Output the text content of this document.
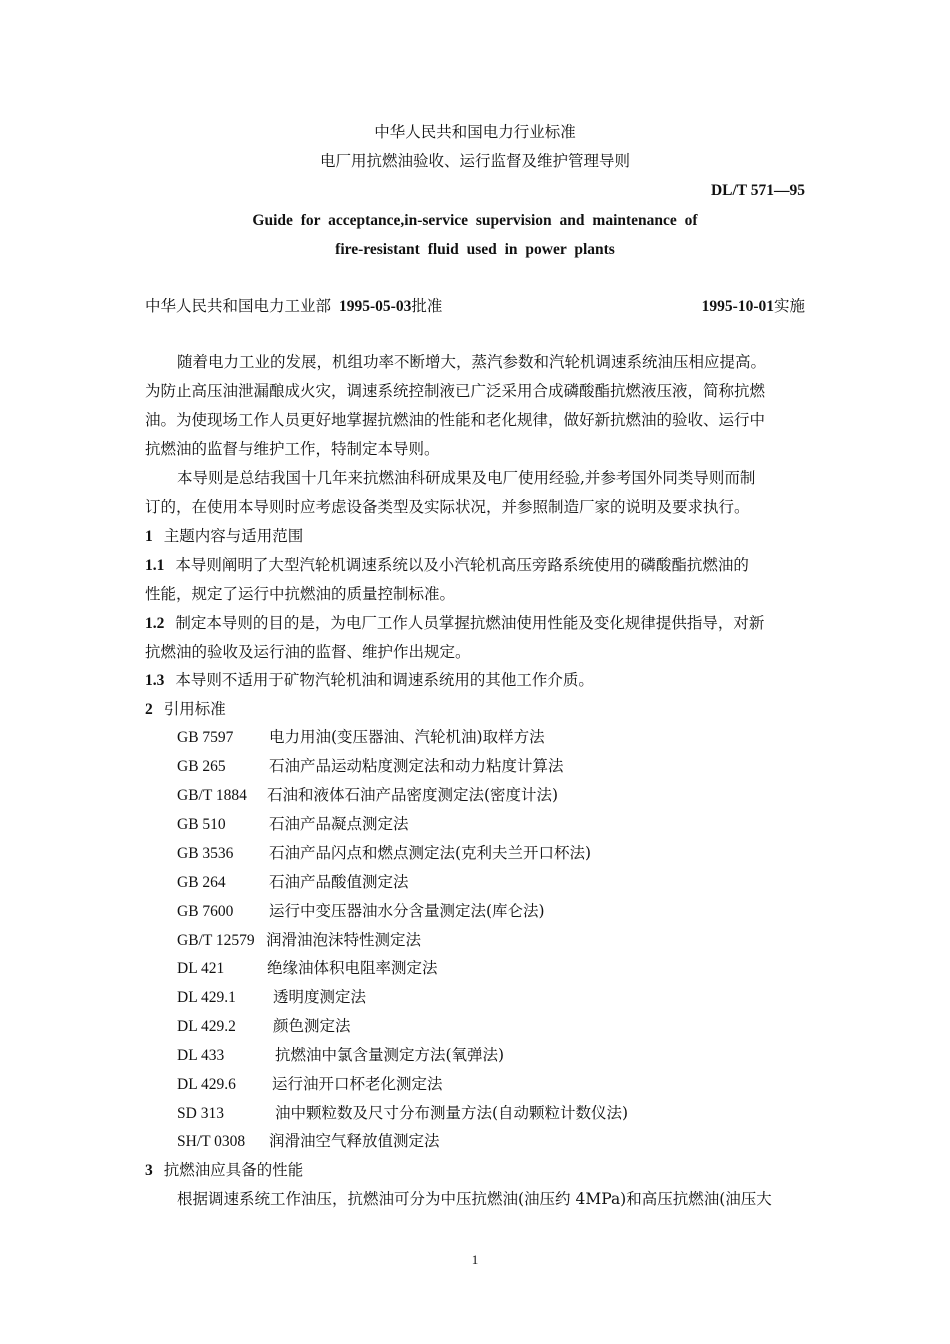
中华人民共和国电力行业标准
电厂用抗燃油验收、运行监督及维护管理导则
DL/T 571—95
Guide for acceptance,in-service supervision and maintenance of
fire-resistant fluid used in power plants
中华人民共和国电力工业部 1995-05-03批准	1995-10-01实施
随着电力工业的发展，机组功率不断增大，蒸汽参数和汽轮机调速系统油压相应提高。
为防止高压油泄漏酿成火灾，调速系统控制液已广泛采用合成磷酸酯抗燃液压液，简称抗燃
油。为使现场工作人员更好地掌握抗燃油的性能和老化规律，做好新抗燃油的验收、运行中
抗燃油的监督与维护工作，特制定本导则。
本导则是总结我国十几年来抗燃油科研成果及电厂使用经验,并参考国外同类导则而制
订的，在使用本导则时应考虑设备类型及实际状况，并参照制造厂家的说明及要求执行。
1 主题内容与适用范围
1.1 本导则阐明了大型汽轮机调速系统以及小汽轮机高压旁路系统使用的磷酸酯抗燃油的
性能，规定了运行中抗燃油的质量控制标准。
1.2 制定本导则的目的是，为电厂工作人员掌握抗燃油使用性能及变化规律提供指导，对新
抗燃油的验收及运行油的监督、维护作出规定。
1.3 本导则不适用于矿物汽轮机油和调速系统用的其他工作介质。
2 引用标准
GB 7597 电力用油(变压器油、汽轮机油)取样方法
GB 265	石油产品运动粘度测定法和动力粘度计算法
GB/T 1884 石油和液体石油产品密度测定法(密度计法)
GB 510	石油产品凝点测定法
GB 3536 石油产品闪点和燃点测定法(克利夫兰开口杯法)
GB 264	石油产品酸值测定法
GB 7600 运行中变压器油水分含量测定法(库仑法)
GB/T 12579 润滑油泡沫特性测定法
DL 421	绝缘油体积电阻率测定法
DL 429.1 透明度测定法
DL 429.2 颜色测定法
DL 433	抗燃油中氯含量测定方法(氧弹法)
DL 429.6 运行油开口杯老化测定法
SD 313	油中颗粒数及尺寸分布测量方法(自动颗粒计数仪法)
SH/T 0308 润滑油空气释放值测定法
3 抗燃油应具备的性能
根据调速系统工作油压，抗燃油可分为中压抗燃油(油压约 4MPa)和高压抗燃油(油压大
1
